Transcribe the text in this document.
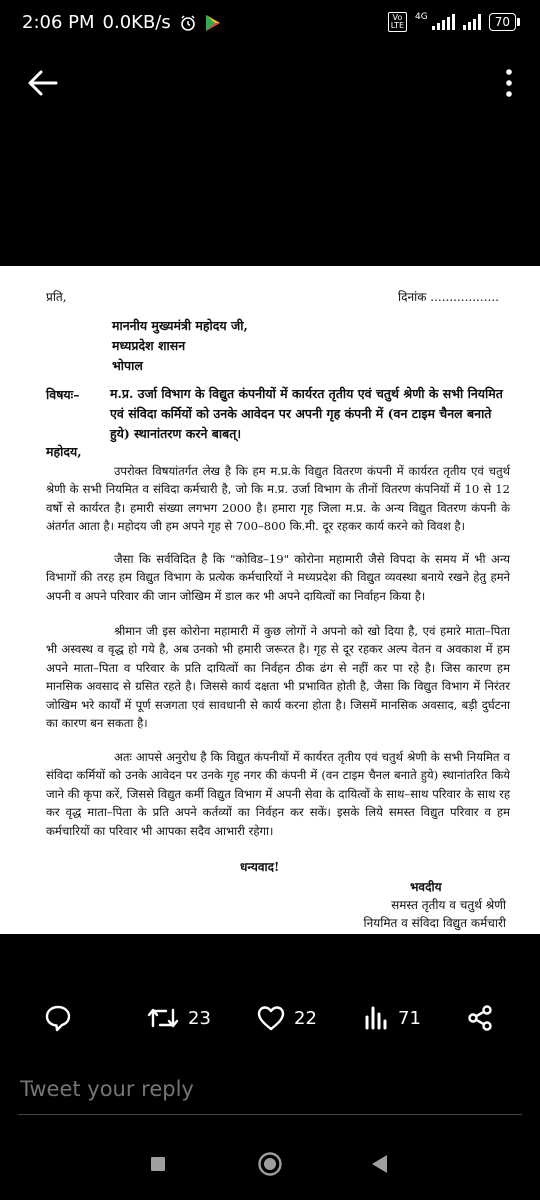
2:06 PM 0.0KB/s	Vo
LTE
4G	70
प्रति,	दिनांक ..................
माननीय मुख्यमंत्री महोदय जी,
मध्यप्रदेश शासन
भोपाल
विषयः– म.प्र. उर्जा विभाग के विद्युत कंपनीयों में कार्यरत तृतीय एवं चतुर्थ श्रेणी के सभी नियमित एवं संविदा कर्मियों को उनके आवेदन पर अपनी गृह कंपनी में (वन टाइम चैनल बनाते हुये) स्थानांतरण करने बाबत्।
महोदय,
उपरोक्त विषयांतर्गत लेख है कि हम म.प्र.के विद्युत वितरण कंपनी में कार्यरत तृतीय एवं चतुर्थ श्रेणी के सभी नियमित व संविदा कर्मचारी है, जो कि म.प्र. उर्जा विभाग के तीनों वितरण कंपनियों में 10 से 12 वर्षो से कार्यरत है। हमारी संख्या लगभग 2000 है। हमारा गृह जिला म.प्र. के अन्य विद्युत वितरण कंपनी के अंतर्गत आता है। महोदय जी हम अपने गृह से 700–800 कि.मी. दूर रहकर कार्य करने को विवश है।
जैसा कि सर्वविदित है कि "कोविड–19" कोरोना महामारी जैसे विपदा के समय में भी अन्य विभागों की तरह हम विद्युत विभाग के प्रत्येक कर्मचारियों ने मध्यप्रदेश की विद्युत व्यवस्था बनाये रखने हेतु हमने अपनी व अपने परिवार की जान जोखिम में डाल कर भी अपने दायित्वों का निर्वाहन किया है।
श्रीमान जी इस कोरोना महामारी में कुछ लोगों ने अपनो को खो दिया है, एवं हमारे माता–पिता भी अस्वस्थ व वृद्ध हो गये है, अब उनको भी हमारी जरूरत है। गृह से दूर रहकर अल्प वेतन व अवकाश में हम अपने माता–पिता व परिवार के प्रति दायित्वों का निर्वहन ठीक ढंग से नहीं कर पा रहे है। जिस कारण हम मानसिक अवसाद से ग्रसित रहते है। जिससे कार्य दक्षता भी प्रभावित होती है, जैसा कि विद्युत विभाग में निरंतर जोखिम भरे कार्यों में पूर्ण सजगता एवं सावधानी से कार्य करना होता है। जिसमें मानसिक अवसाद, बड़ी दुर्घटना का कारण बन सकता है।
अतः आपसे अनुरोध है कि विद्युत कंपनीयों में कार्यरत तृतीय एवं चतुर्थ श्रेणी के सभी नियमित व संविदा कर्मियों को उनके आवेदन पर उनके गृह नगर की कंपनी में (वन टाइम चैनल बनाते हुये) स्थानांतरित किये जाने की कृपा करें, जिससे विद्युत कर्मी विद्युत विभाग में अपनी सेवा के दायित्वों के साथ–साथ परिवार के साथ रह कर वृद्ध माता–पिता के प्रति अपने कर्तव्यों का निर्वहन कर सकें। इसके लिये समस्त विद्युत परिवार व हम कर्मचारियों का परिवार भी आपका सदैव आभारी रहेगा।
धन्यवाद!
भवदीय
समस्त तृतीय व चतुर्थ श्रेणी
नियमित व संविदा विद्युत कर्मचारी
23	22	71
Tweet your reply
